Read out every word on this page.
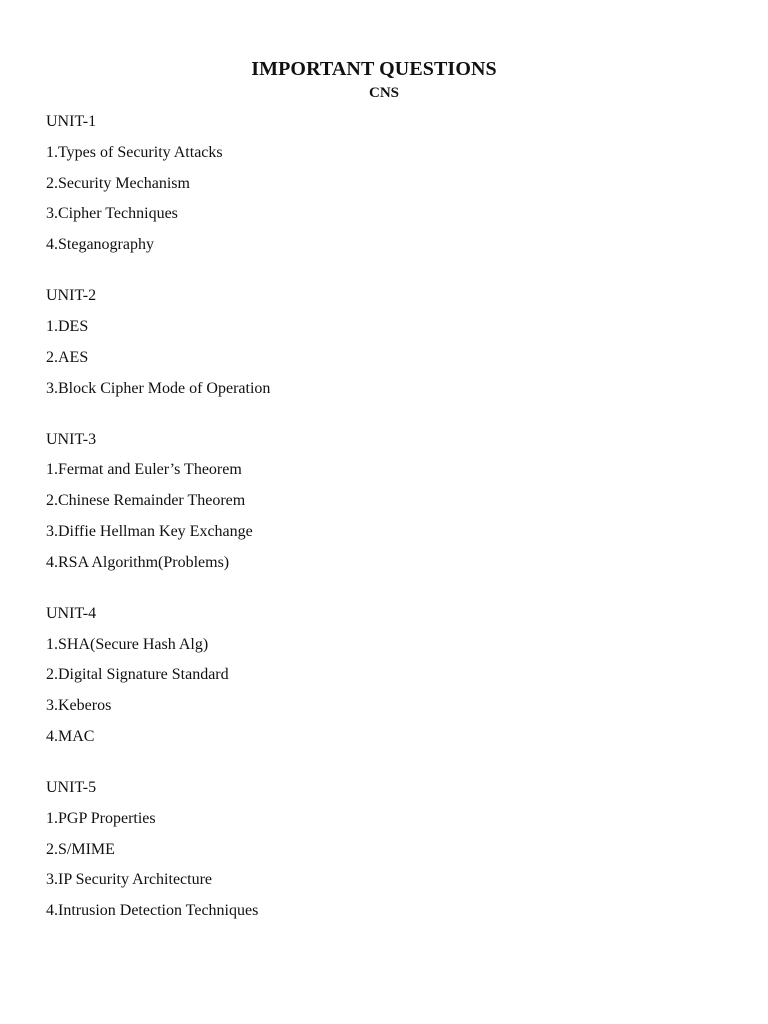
IMPORTANT QUESTIONS
CNS
UNIT-1
1.Types of Security Attacks
2.Security Mechanism
3.Cipher Techniques
4.Steganography
UNIT-2
1.DES
2.AES
3.Block Cipher Mode of Operation
UNIT-3
1.Fermat and Euler’s Theorem
2.Chinese Remainder Theorem
3.Diffie Hellman Key Exchange
4.RSA Algorithm(Problems)
UNIT-4
1.SHA(Secure Hash Alg)
2.Digital Signature Standard
3.Keberos
4.MAC
UNIT-5
1.PGP Properties
2.S/MIME
3.IP Security Architecture
4.Intrusion Detection Techniques
